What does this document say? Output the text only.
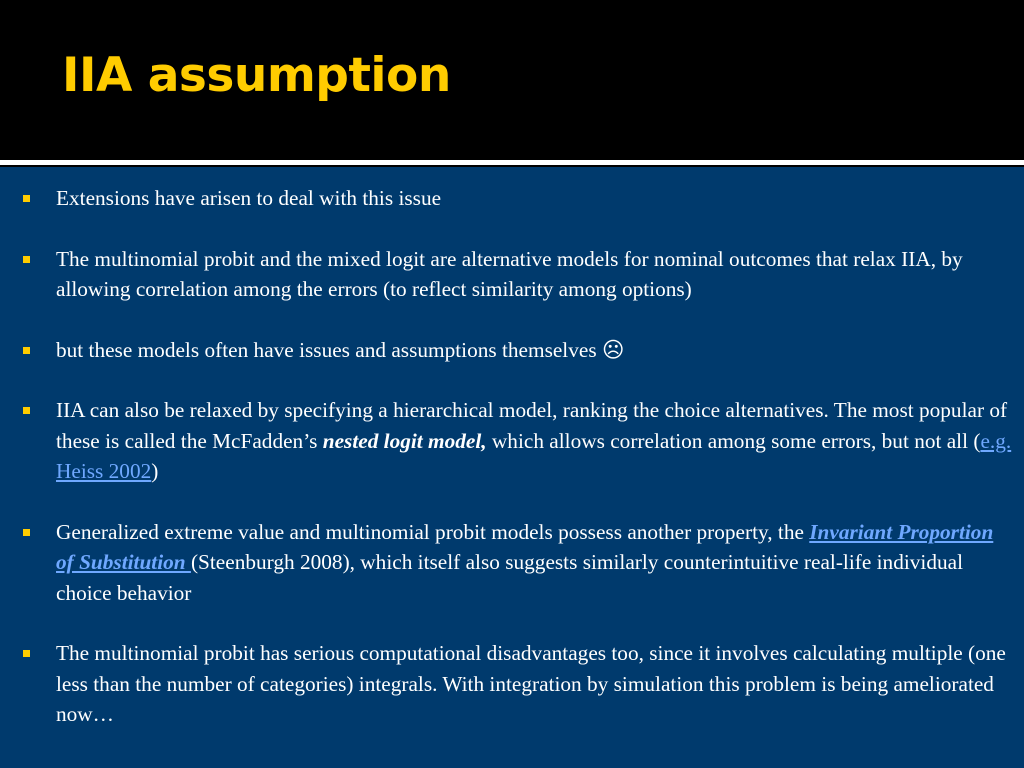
IIA assumption
Extensions have arisen to deal with this issue
The multinomial probit and the mixed logit are alternative models for nominal outcomes that relax IIA, by allowing correlation among the errors (to reflect similarity among options)
but these models often have issues and assumptions themselves ☹
IIA can also be relaxed by specifying a hierarchical model, ranking the choice alternatives. The most popular of these is called the McFadden’s nested logit model, which allows correlation among some errors, but not all (e.g. Heiss 2002)
Generalized extreme value and multinomial probit models possess another property, the Invariant Proportion of Substitution (Steenburgh 2008), which itself also suggests similarly counterintuitive real-life individual choice behavior
The multinomial probit has serious computational disadvantages too, since it involves calculating multiple (one less than the number of categories) integrals. With integration by simulation this problem is being ameliorated now…
